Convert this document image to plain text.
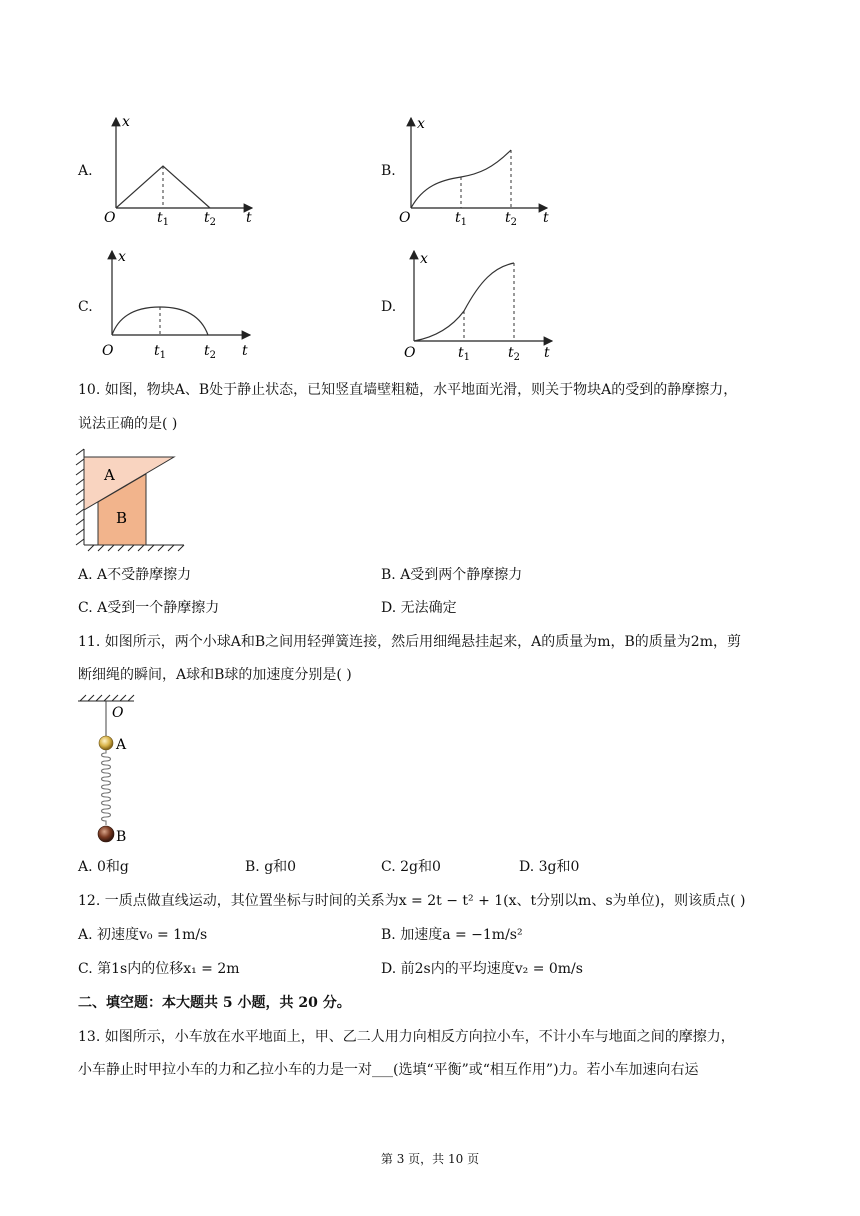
A.
x
O	$t_1$ $t_2$ t
B.
x
O	$t_1$	$t_2$ t
C.
x
O	$t_1$	$t_2$ t
D.
x
O	$t_1$	$t_2$ t
10. 如图，物块A、B处于静止状态，已知竖直墙壁粗糙，水平地面光滑，则关于物块A的受到的静摩擦力，
说法正确的是( )
A
B
A. A不受静摩擦力	B. A受到两个静摩擦力
C. A受到一个静摩擦力	D. 无法确定
11. 如图所示，两个小球A和B之间用轻弹簧连接，然后用细绳悬挂起来，A的质量为m，B的质量为2m，剪
断细绳的瞬间，A球和B球的加速度分别是( )
O
A
B
A. 0和g	B. g和0	C. 2g和0	D. 3g和0
12. 一质点做直线运动，其位置坐标与时间的关系为x = 2t − t² + 1(x、t分别以m、s为单位)，则该质点( )
A. 初速度v₀ = 1m/s	B. 加速度a = −1m/s²
C. 第1s内的位移x₁ = 2m	D. 前2s内的平均速度v₂ = 0m/s
二、填空题：本大题共 5 小题，共 20 分。
13. 如图所示，小车放在水平地面上，甲、乙二人用力向相反方向拉小车，不计小车与地面之间的摩擦力，
小车静止时甲拉小车的力和乙拉小车的力是一对___(选填“平衡”或“相互作用”)力。若小车加速向右运
第 3 页，共 10 页
